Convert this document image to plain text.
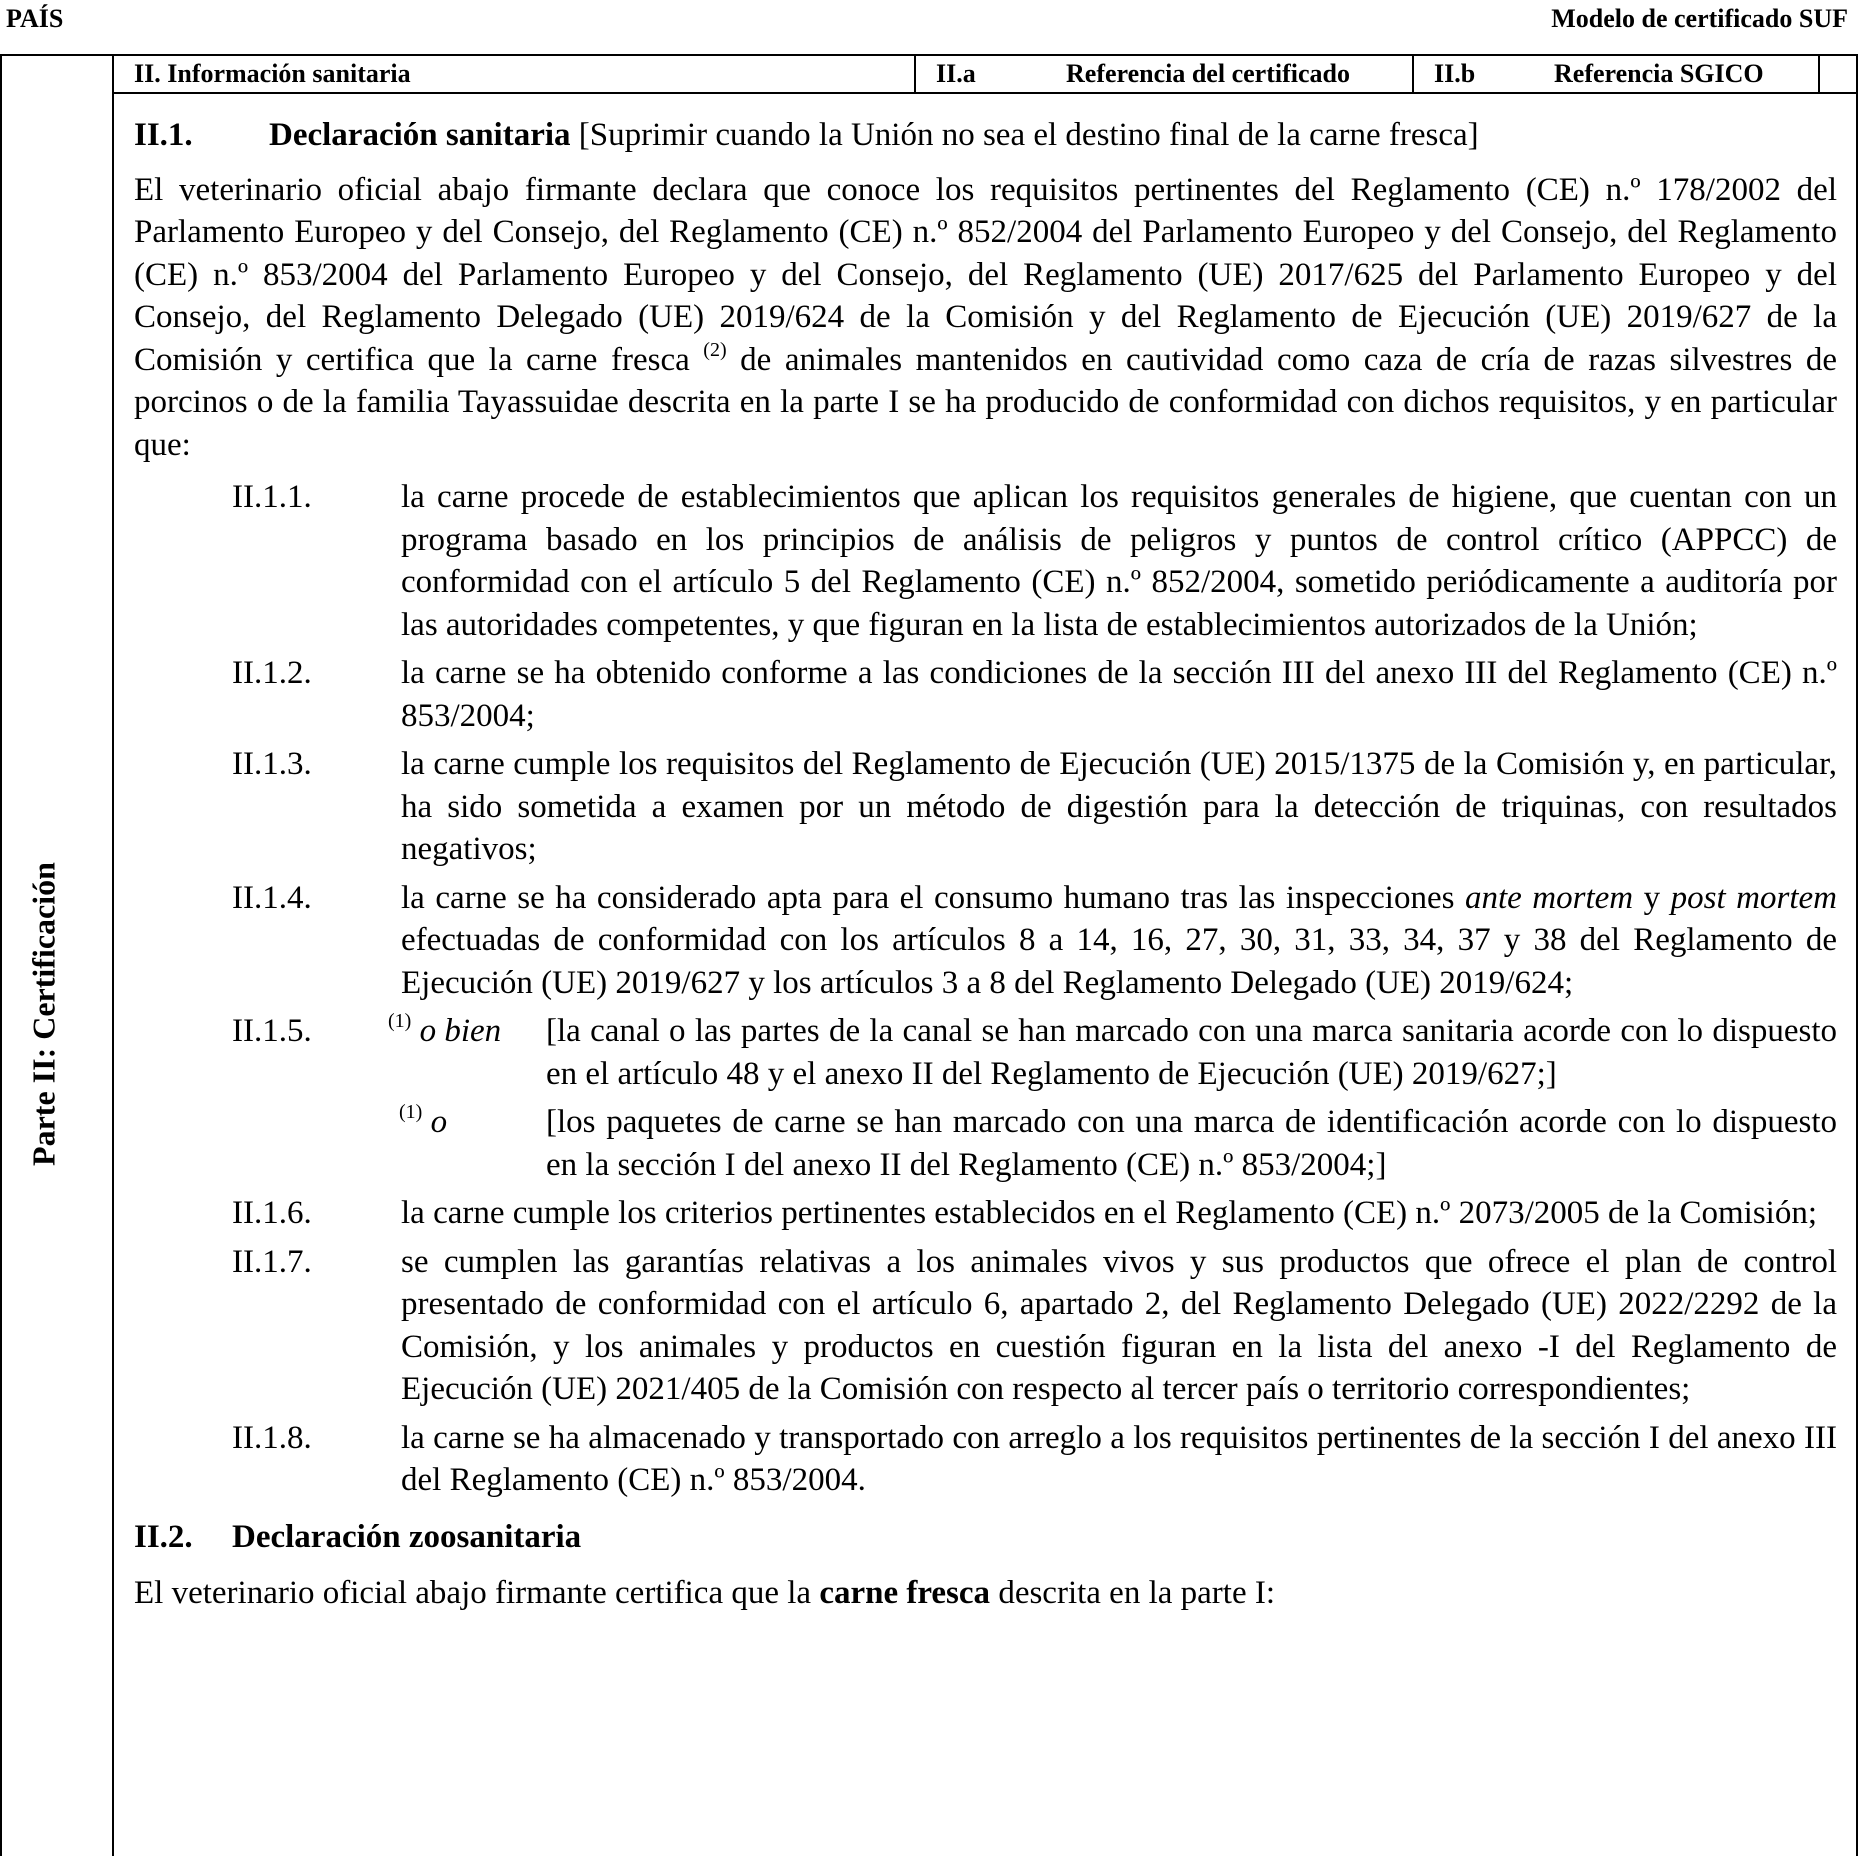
PAÍS	Modelo de certificado SUF
Parte II: Certificación
II. Información sanitaria	II.a	Referencia del certificado	II.b	Referencia SGICO

II.1. Declaración sanitaria [Suprimir cuando la Unión no sea el destino final de la carne fresca]

El veterinario oficial abajo firmante declara que conoce los requisitos pertinentes del Reglamento (CE) n.º 178/2002 del Parlamento Europeo y del Consejo, del Reglamento (CE) n.º 852/2004 del Parlamento Europeo y del Consejo, del Reglamento (CE) n.º 853/2004 del Parlamento Europeo y del Consejo, del Reglamento (UE) 2017/625 del Parlamento Europeo y del Consejo, del Reglamento Delegado (UE) 2019/624 de la Comisión y del Reglamento de Ejecución (UE) 2019/627 de la Comisión y certifica que la carne fresca $^{(2)}$ de animales mantenidos en cautividad como caza de cría de razas silvestres de porcinos o de la familia Tayassuidae descrita en la parte I se ha producido de conformidad con dichos requisitos, y en particular que:

II.1.1.	la carne procede de establecimientos que aplican los requisitos generales de higiene, que cuentan con un programa basado en los principios de análisis de peligros y puntos de control crítico (APPCC) de conformidad con el artículo 5 del Reglamento (CE) n.º 852/2004, sometido periódicamente a auditoría por las autoridades competentes, y que figuran en la lista de establecimientos autorizados de la Unión;
II.1.2.	la carne se ha obtenido conforme a las condiciones de la sección III del anexo III del Reglamento (CE) n.º 853/2004;
II.1.3.	la carne cumple los requisitos del Reglamento de Ejecución (UE) 2015/1375 de la Comisión y, en particular, ha sido sometida a examen por un método de digestión para la detección de triquinas, con resultados negativos;
II.1.4.	la carne se ha considerado apta para el consumo humano tras las inspecciones ante mortem y post mortem efectuadas de conformidad con los artículos 8 a 14, 16, 27, 30, 31, 33, 34, 37 y 38 del Reglamento de Ejecución (UE) 2019/627 y los artículos 3 a 8 del Reglamento Delegado (UE) 2019/624;
II.1.5.	$^{(1)}$ o bien [la canal o las partes de la canal se han marcado con una marca sanitaria acorde con lo dispuesto en el artículo 48 y el anexo II del Reglamento de Ejecución (UE) 2019/627;]
$^{(1)}$ o	[los paquetes de carne se han marcado con una marca de identificación acorde con lo dispuesto en la sección I del anexo II del Reglamento (CE) n.º 853/2004;]
II.1.6.	la carne cumple los criterios pertinentes establecidos en el Reglamento (CE) n.º 2073/2005 de la Comisión;
II.1.7.	se cumplen las garantías relativas a los animales vivos y sus productos que ofrece el plan de control presentado de conformidad con el artículo 6, apartado 2, del Reglamento Delegado (UE) 2022/2292 de la Comisión, y los animales y productos en cuestión figuran en la lista del anexo -I del Reglamento de Ejecución (UE) 2021/405 de la Comisión con respecto al tercer país o territorio correspondientes;
II.1.8.	la carne se ha almacenado y transportado con arreglo a los requisitos pertinentes de la sección I del anexo III del Reglamento (CE) n.º 853/2004.

II.2. Declaración zoosanitaria

El veterinario oficial abajo firmante certifica que la carne fresca descrita en la parte I:
